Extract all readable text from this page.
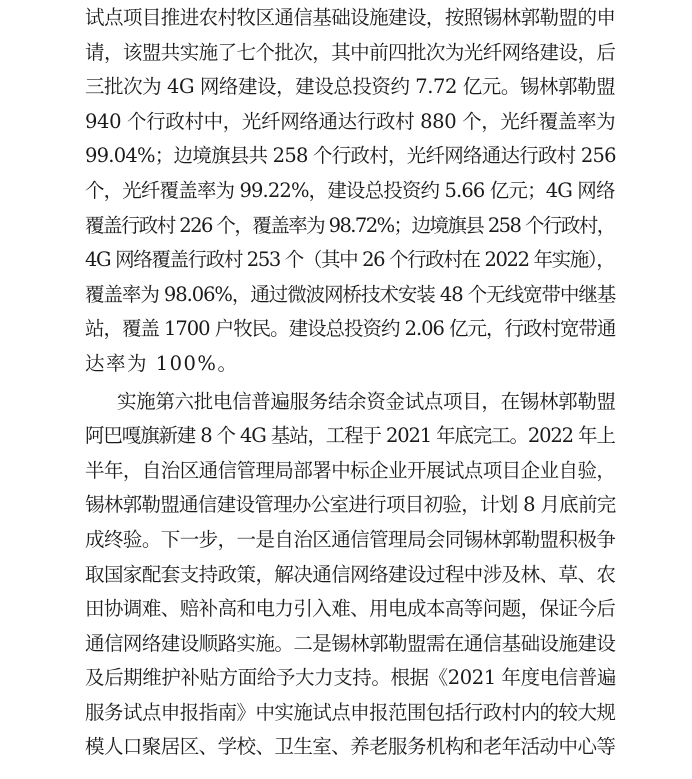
试点项目推进农村牧区通信基础设施建设，按照锡林郭勒盟的申
请，该盟共实施了七个批次，其中前四批次为光纤网络建设，后
三批次为 4G 网络建设，建设总投资约 7.72 亿元。锡林郭勒盟
940 个行政村中，光纤网络通达行政村 880 个，光纤覆盖率为
99.04%；边境旗县共 258 个行政村，光纤网络通达行政村 256
个，光纤覆盖率为 99.22%，建设总投资约 5.66 亿元；4G 网络
覆盖行政村 226 个，覆盖率为 98.72%；边境旗县 258 个行政村，
4G 网络覆盖行政村 253 个（其中 26 个行政村在 2022 年实施），
覆盖率为 98.06%，通过微波网桥技术安装 48 个无线宽带中继基
站，覆盖 1700 户牧民。建设总投资约 2.06 亿元，行政村宽带通
达率为 100%。
实施第六批电信普遍服务结余资金试点项目，在锡林郭勒盟
阿巴嘎旗新建 8 个 4G 基站，工程于 2021 年底完工。2022 年上
半年，自治区通信管理局部署中标企业开展试点项目企业自验，
锡林郭勒盟通信建设管理办公室进行项目初验，计划 8 月底前完
成终验。下一步，一是自治区通信管理局会同锡林郭勒盟积极争
取国家配套支持政策，解决通信网络建设过程中涉及林、草、农
田协调难、赔补高和电力引入难、用电成本高等问题，保证今后
通信网络建设顺路实施。二是锡林郭勒盟需在通信基础设施建设
及后期维护补贴方面给予大力支持。根据《2021 年度电信普遍
服务试点申报指南》中实施试点申报范围包括行政村内的较大规
模人口聚居区、学校、卫生室、养老服务机构和老年活动中心等
